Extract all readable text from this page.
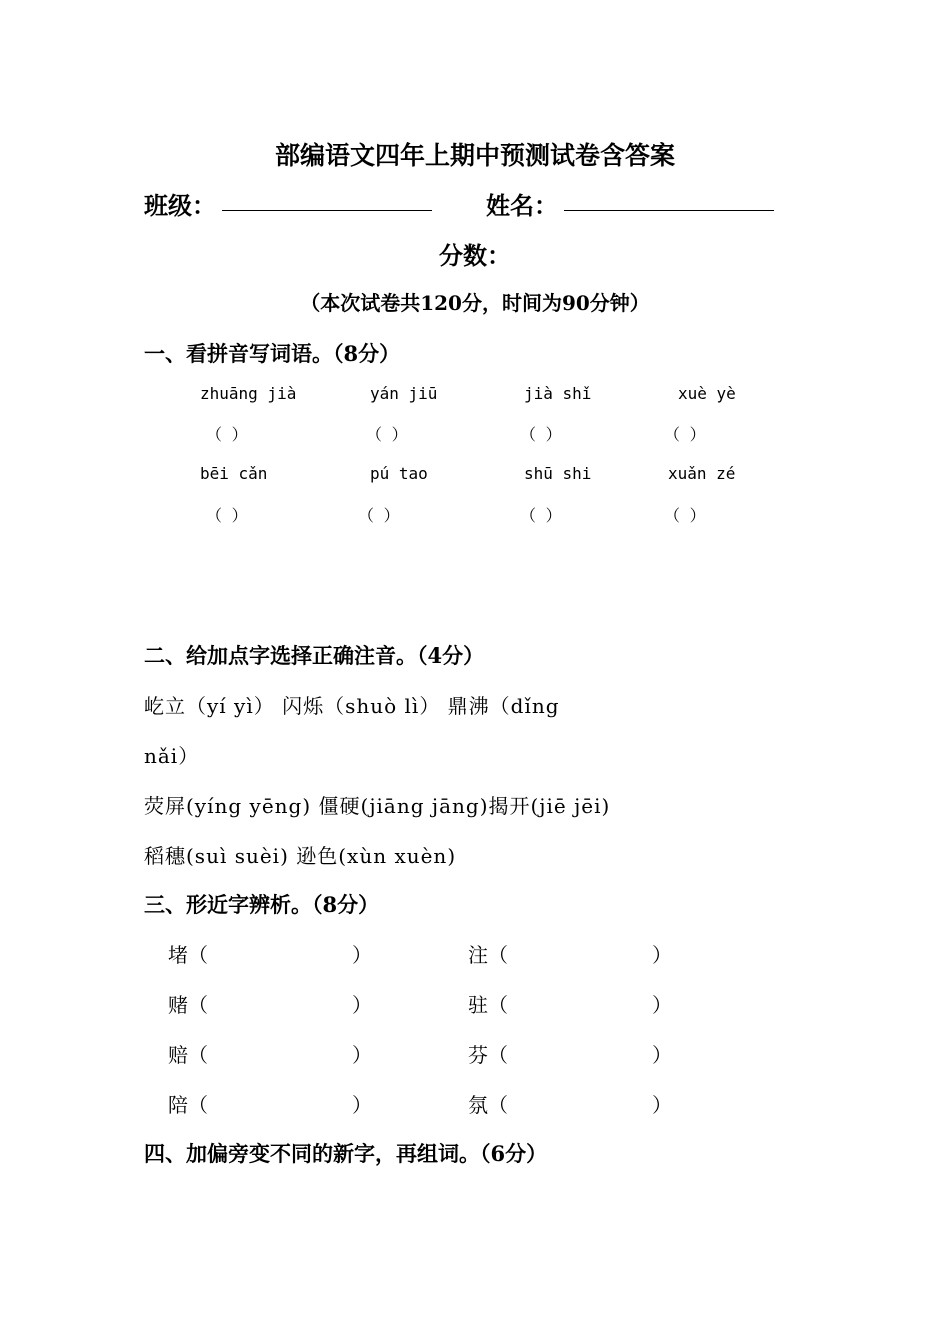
部编语文四年上期中预测试卷含答案
班级：	姓名：
分数：
（本次试卷共120分，时间为90分钟）
一、看拼音写词语。（8分）
zhuāng jià	yán jiū	jià shǐ	xuè yè
（ ）	（ ）	（ ）	（ ）
bēi cǎn	pú tao	shū shi	xuǎn zé
（ ）	（ ）	（ ）	（ ）
二、给加点字选择正确注音。（4分）
屹立（yí yì） 闪烁（shuò lì） 鼎沸（dǐng
nǎi）
荧屏(yíng yēng) 僵硬(jiāng jāng)揭开(jiē jēi)
稻穗(suì suèi) 逊色(xùn xuèn)
三、形近字辨析。（8分）
堵（	）	注（	）
赌（	）	驻（	）
赔（	）	芬（	）
陪（	）	氛（	）
四、加偏旁变不同的新字，再组词。（6分）
